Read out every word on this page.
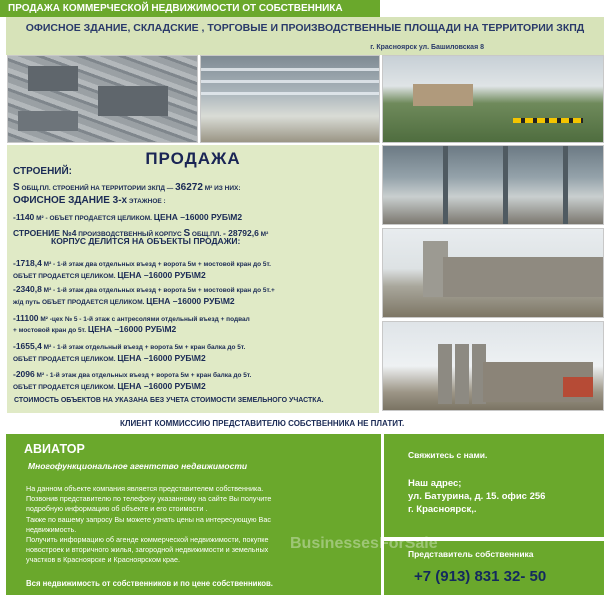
ПРОДАЖА КОММЕРЧЕСКОЙ НЕДВИЖИМОСТИ ОТ СОБСТВЕННИКА
ОФИСНОЕ ЗДАНИЕ, СКЛАДСКИЕ , ТОРГОВЫЕ И ПРОИЗВОДСТВЕННЫЕ ПЛОЩАДИ НА ТЕРРИТОРИИ ЗКПД
г. Красноярск ул. Башиловская 8
ПРОДАЖА
СТРОЕНИЙ:
S ОБЩ.ПЛ. СТРОЕНИЙ НА ТЕРРИТОРИИ ЗКПД — 36272 М² ИЗ НИХ:
ОФИСНОЕ ЗДАНИЕ 3-х ЭТАЖНОЕ :
-1140 М² - ОБЪЕТ ПРОДАЕТСЯ ЦЕЛИКОМ. ЦЕНА –16000 РУБ\М2
СТРОЕНИЕ №4 ПРОИЗВОДСТВЕННЫЙ КОРПУС S ОБЩ.ПЛ. - 28792,6 М²
КОРПУС ДЕЛИТСЯ НА ОБЪЕКТЫ ПРОДАЖИ:
-1718,4 М² - 1-й этаж два отдельных въезд + ворота 5м + мостовой кран до 5т.
ОБЪЕТ ПРОДАЕТСЯ ЦЕЛИКОМ. ЦЕНА –16000 РУБ\М2
-2340,8 М² - 1-й этаж два отдельных въезд + ворота 5м + мостовой кран до 5т.+
ж/д путь ОБЪЕТ ПРОДАЕТСЯ ЦЕЛИКОМ. ЦЕНА –16000 РУБ\М2
-11100 М² -цех № 5 - 1-й этаж с антресолями отдельный въезд + подвал
+ мостовой кран до 5т. ЦЕНА –16000 РУБ\М2
-1655,4 М² - 1-й этаж отдельный въезд + ворота 5м + кран балка до 5т.
ОБЪЕТ ПРОДАЕТСЯ ЦЕЛИКОМ. ЦЕНА –16000 РУБ\М2
-2096 М² - 1-й этаж два отдельных въезд + ворота 5м + кран балка до 5т.
ОБЪЕТ ПРОДАЕТСЯ ЦЕЛИКОМ. ЦЕНА –16000 РУБ\М2
СТОИМОСТЬ ОБЪЕКТОВ НА УКАЗАНА БЕЗ УЧЕТА СТОИМОСТИ ЗЕМЕЛЬНОГО УЧАСТКА.
КЛИЕНТ КОММИССИЮ ПРЕДСТАВИТЕЛЮ СОБСТВЕННИКА НЕ ПЛАТИТ.
АВИАТОР
Многофункциональное агентство недвижимости

На данном объекте компания является представителем собственника.

Позвонив представителю по телефону указанному на сайте Вы получите

подробную информацию об объекте и его стоимости .

Также по вашему запросу Вы можете узнать цены на интересующую Вас

недвижимость.

Получить информацию об агенде коммерческой недвижимости, покупке

новостроек и вторичного жилья, загородной недвижимости и земельных

участков в Красноярске и Красноярском крае.

Вся недвижимость от собственников и по цене собственников.
Свяжитесь с нами.
Наш адрес;
ул. Батурина, д. 15. офис 256
г. Красноярск,.
Представитель собственника
+7 (913) 831 32- 50
BusinessesForSale
